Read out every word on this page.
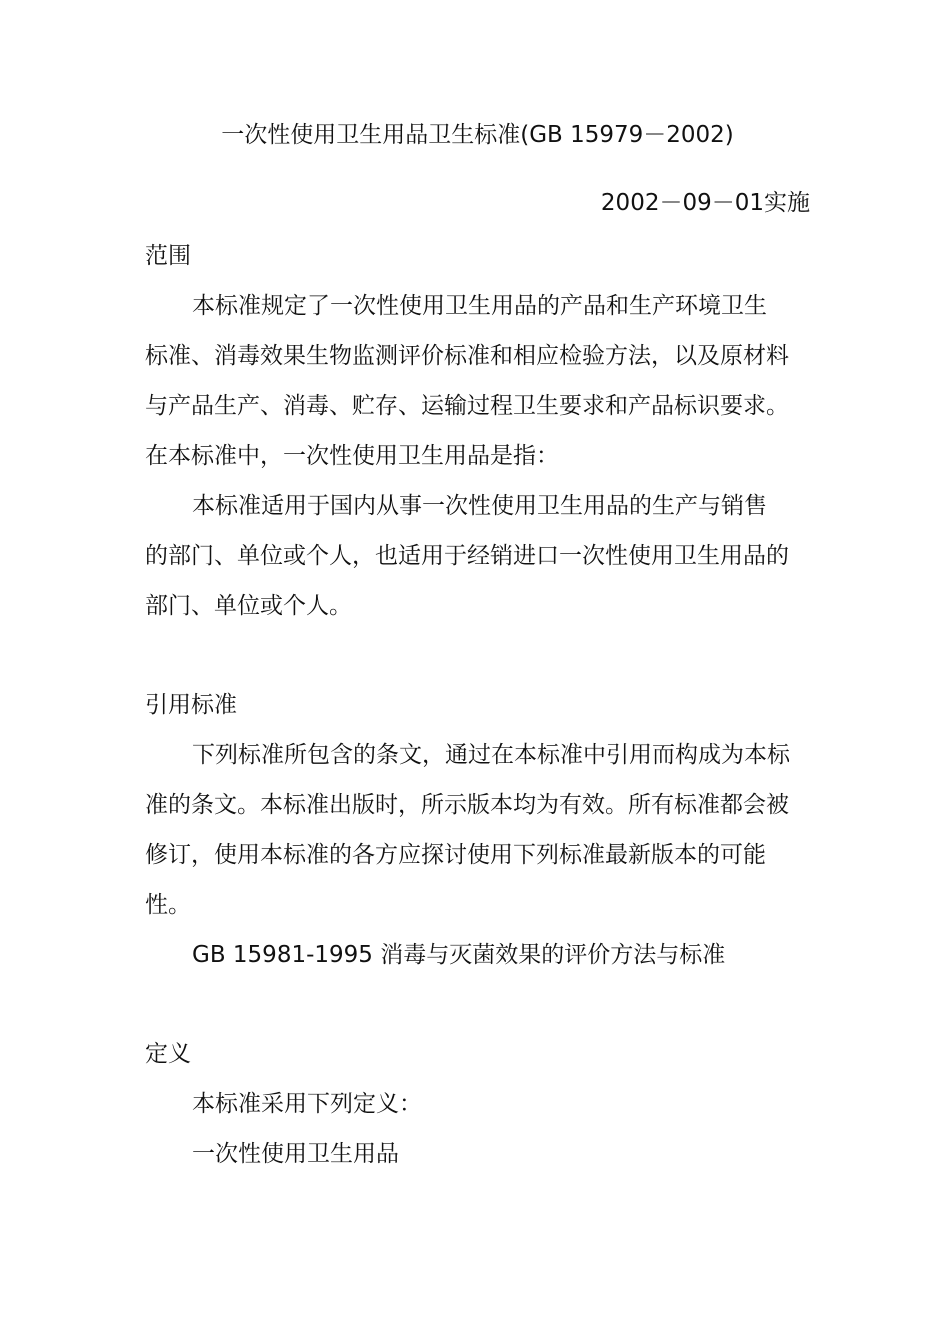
一次性使用卫生用品卫生标准(GB 15979－2002)
2002－09－01实施
范围
本标准规定了一次性使用卫生用品的产品和生产环境卫生
标准、消毒效果生物监测评价标准和相应检验方法，以及原材料
与产品生产、消毒、贮存、运输过程卫生要求和产品标识要求。
在本标准中，一次性使用卫生用品是指：
本标准适用于国内从事一次性使用卫生用品的生产与销售
的部门、单位或个人，也适用于经销进口一次性使用卫生用品的
部门、单位或个人。
引用标准
下列标准所包含的条文，通过在本标准中引用而构成为本标
准的条文。本标准出版时，所示版本均为有效。所有标准都会被
修订，使用本标准的各方应探讨使用下列标准最新版本的可能
性。
GB 15981-1995 消毒与灭菌效果的评价方法与标准
定义
本标准采用下列定义：
一次性使用卫生用品
